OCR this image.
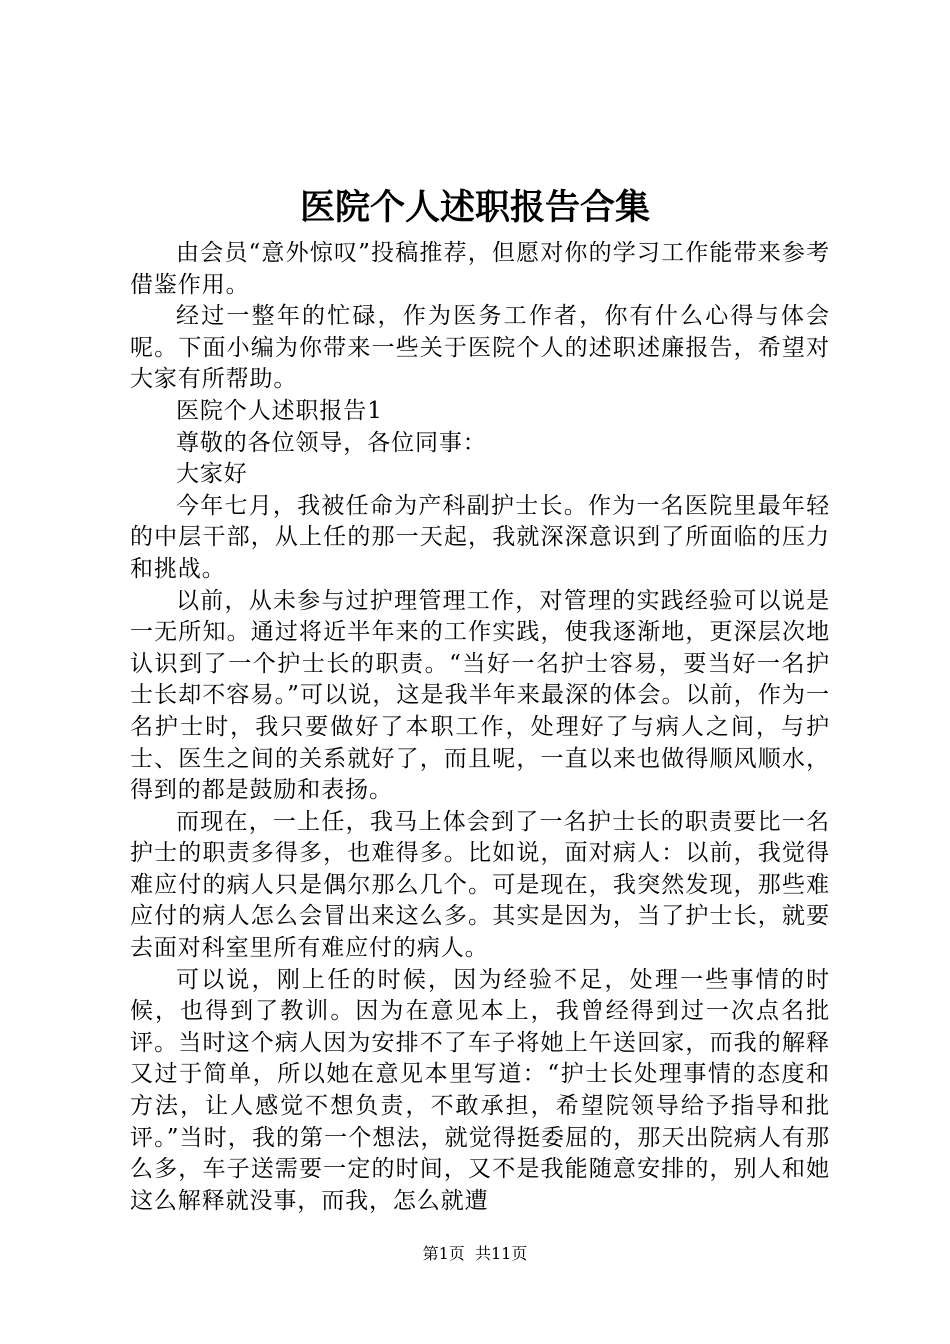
医院个人述职报告合集

由会员“意外惊叹”投稿推荐，但愿对你的学习工作能带来参考借鉴作用。

经过一整年的忙碌，作为医务工作者，你有什么心得与体会呢。下面小编为你带来一些关于医院个人的述职述廉报告，希望对大家有所帮助。

医院个人述职报告1

尊敬的各位领导，各位同事：

大家好

今年七月，我被任命为产科副护士长。作为一名医院里最年轻的中层干部，从上任的那一天起，我就深深意识到了所面临的压力和挑战。

以前，从未参与过护理管理工作，对管理的实践经验可以说是一无所知。通过将近半年来的工作实践，使我逐渐地，更深层次地认识到了一个护士长的职责。“当好一名护士容易，要当好一名护士长却不容易。”可以说，这是我半年来最深的体会。以前，作为一名护士时，我只要做好了本职工作，处理好了与病人之间，与护士、医生之间的关系就好了，而且呢，一直以来也做得顺风顺水，得到的都是鼓励和表扬。

而现在，一上任，我马上体会到了一名护士长的职责要比一名护士的职责多得多，也难得多。比如说，面对病人：以前，我觉得难应付的病人只是偶尔那么几个。可是现在，我突然发现，那些难应付的病人怎么会冒出来这么多。其实是因为，当了护士长，就要去面对科室里所有难应付的病人。

可以说，刚上任的时候，因为经验不足，处理一些事情的时候，也得到了教训。因为在意见本上，我曾经得到过一次点名批评。当时这个病人因为安排不了车子将她上午送回家，而我的解释又过于简单，所以她在意见本里写道：“护士长处理事情的态度和方法，让人感觉不想负责，不敢承担，希望院领导给予指导和批评。”当时，我的第一个想法，就觉得挺委屈的，那天出院病人有那么多，车子送需要一定的时间，又不是我能随意安排的，别人和她这么解释就没事，而我，怎么就遭

第1页 共11页
